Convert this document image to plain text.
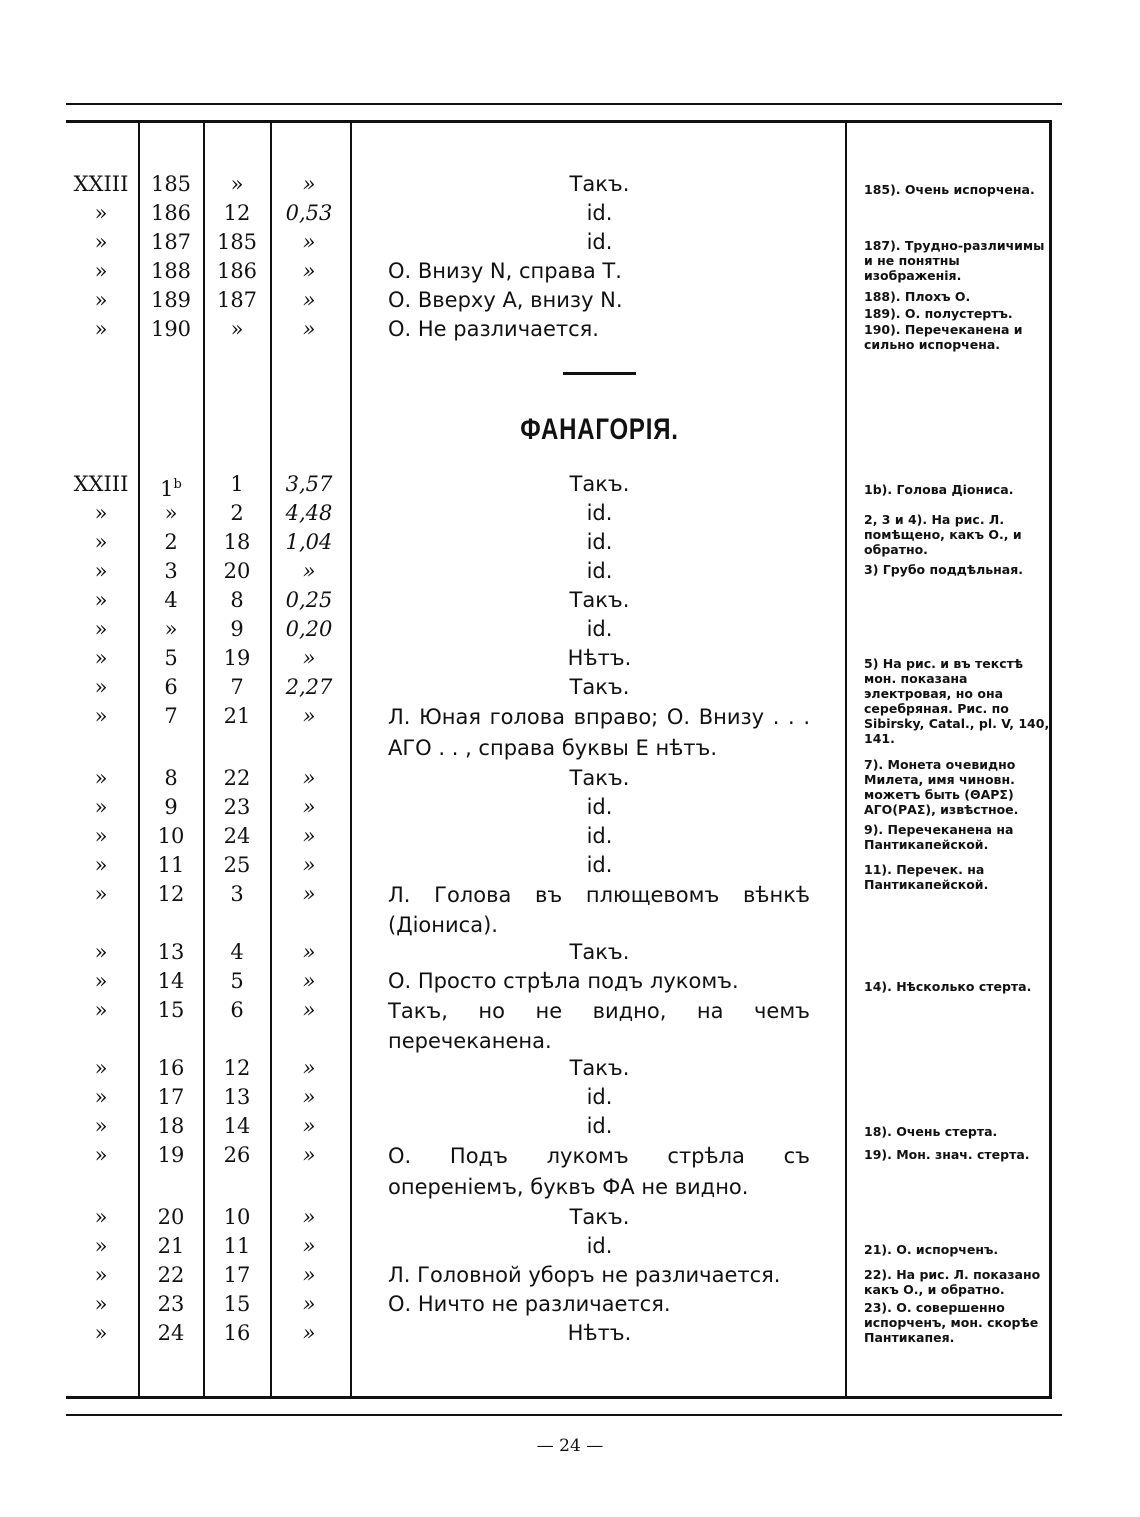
XXIII	185	»	»	Такъ.
»	186	12	0,53	id.
»	187	185	»	id.
»	188	186	»	О. Внизу N, справа Т.
»	189	187	»	О. Вверху A, внизу N.
»	190	»	»	О. Не различается.
185). Очень испорчена.
187). Трудно-различимы и не понятны изображенія.
188). Плохъ О.
189). О. полустертъ.
190). Перечеканена и сильно испорчена.
ФАНАГОРІЯ.
XXIII	1$^b$	1	3,57	Такъ.
»	»	2	4,48	id.
»	2	18	1,04	id.
»	3	20	»	id.
»	4	8	0,25	Такъ.
»	»	9	0,20	id.
»	5	19	»	Нѣтъ.
»	6	7	2,27	Такъ.
»	7	21	»	Л. Юная голова вправо; О. Внизу . . . АГО . . , справа буквы Е нѣтъ.
»	8	22	»	Такъ.
»	9	23	»	id.
»	10	24	»	id.
»	11	25	»	id.
»	12	3	»	Л. Голова въ плющевомъ вѣнкѣ (Діониса).
»	13	4	»	Такъ.
»	14	5	»	О. Просто стрѣла подъ лукомъ.
»	15	6	»	Такъ, но не видно, на чемъ перечеканена.
»	16	12	»	Такъ.
»	17	13	»	id.
»	18	14	»	id.
»	19	26	»	О. Подъ лукомъ стрѣла съ опереніемъ, буквъ ФА не видно.
»	20	10	»	Такъ.
»	21	11	»	id.
»	22	17	»	Л. Головной уборъ не различается.
»	23	15	»	О. Ничто не различается.
»	24	16	»	Нѣтъ.
1b). Голова Діониса.
2, 3 и 4). На рис. Л. помѣщено, какъ О., и обратно.
3) Грубо поддѣльная.
5) На рис. и въ текстѣ мон. показана электровая, но она серебряная. Рис. по Sibirsky, Catal., pl. V, 140, 141.
7). Монета очевидно Милета, имя чиновн. можетъ быть (ΘΑΡΣ) ΑΓΟ(ΡΑΣ), извѣстное.
9). Перечеканена на Пантикапейской.
11). Перечек. на Пантикапейской.
14). Нѣсколько стерта.
18). Очень стерта.
19). Мон. знач. стерта.
21). О. испорченъ.
22). На рис. Л. показано какъ О., и обратно.
23). О. совершенно испорченъ, мон. скорѣе Пантикапея.
— 24 —
